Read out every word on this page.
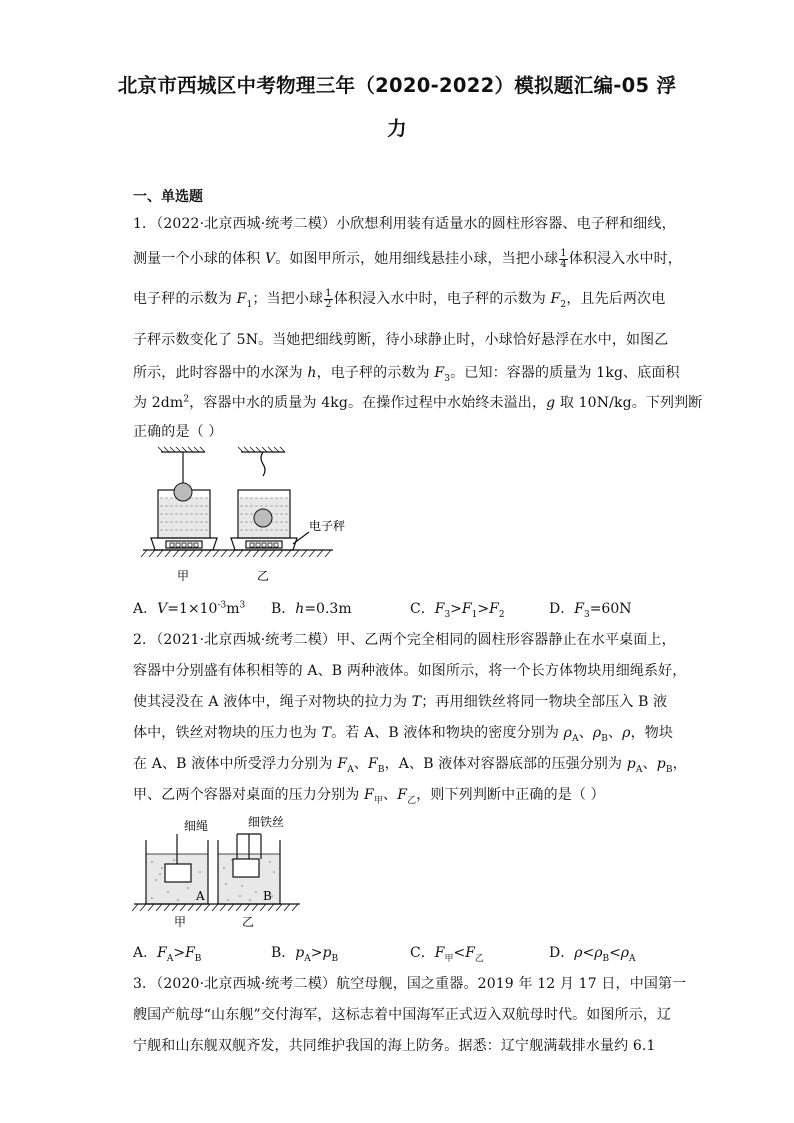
北京市西城区中考物理三年（2020-2022）模拟题汇编-05 浮
力
一、单选题
1．（2022·北京西城·统考二模）小欣想利用装有适量水的圆柱形容器、电子秤和细线，
测量一个小球的体积 V。如图甲所示，她用细线悬挂小球，当把小球 $\frac{1}{4}$ 体积浸入水中时，
电子秤的示数为 $F_1$；当把小球 $\frac{1}{2}$ 体积浸入水中时，电子秤的示数为 $F_2$，且先后两次电
子秤示数变化了 5N。当她把细线剪断，待小球静止时，小球恰好悬浮在水中，如图乙
所示，此时容器中的水深为 h，电子秤的示数为 $F_3$。已知：容器的质量为 1kg、底面积
为 $2dm^2$，容器中水的质量为 4kg。在操作过程中水始终未溢出，g 取 10N/kg。下列判断
正确的是（ ）
电子秤
甲	乙
A．$V=1\times 10^{-3}m^3$ B．h=0.3m	C．$F_3>F_1>F_2$	D．$F_3=60N$
2．（2021·北京西城·统考二模）甲、乙两个完全相同的圆柱形容器静止在水平桌面上，
容器中分别盛有体积相等的 A、B 两种液体。如图所示，将一个长方体物块用细绳系好，
使其浸没在 A 液体中，绳子对物块的拉力为 T；再用细铁丝将同一物块全部压入 B 液
体中，铁丝对物块的压力也为 T。若 A、B 液体和物块的密度分别为 $\rho_A$、$\rho_B$、ρ，物块
在 A、B 液体中所受浮力分别为 $F_A$、$F_B$，A、B 液体对容器底部的压强分别为 $p_A$、$p_B$，
甲、乙两个容器对桌面的压力分别为 $F_甲$、$F_乙$，则下列判断中正确的是（ ）
细绳	细铁丝
A	B
甲	乙
A．$F_A>F_B$	B．$p_A>p_B$	C．$F_甲<F_乙$	D．$\rho<\rho_B<\rho_A$
3．（2020·北京西城·统考二模）航空母舰，国之重器。2019 年 12 月 17 日，中国第一
艘国产航母“山东舰”交付海军，这标志着中国海军正式迈入双航母时代。如图所示，辽
宁舰和山东舰双舰齐发，共同维护我国的海上防务。据悉：辽宁舰满载排水量约 6.1
